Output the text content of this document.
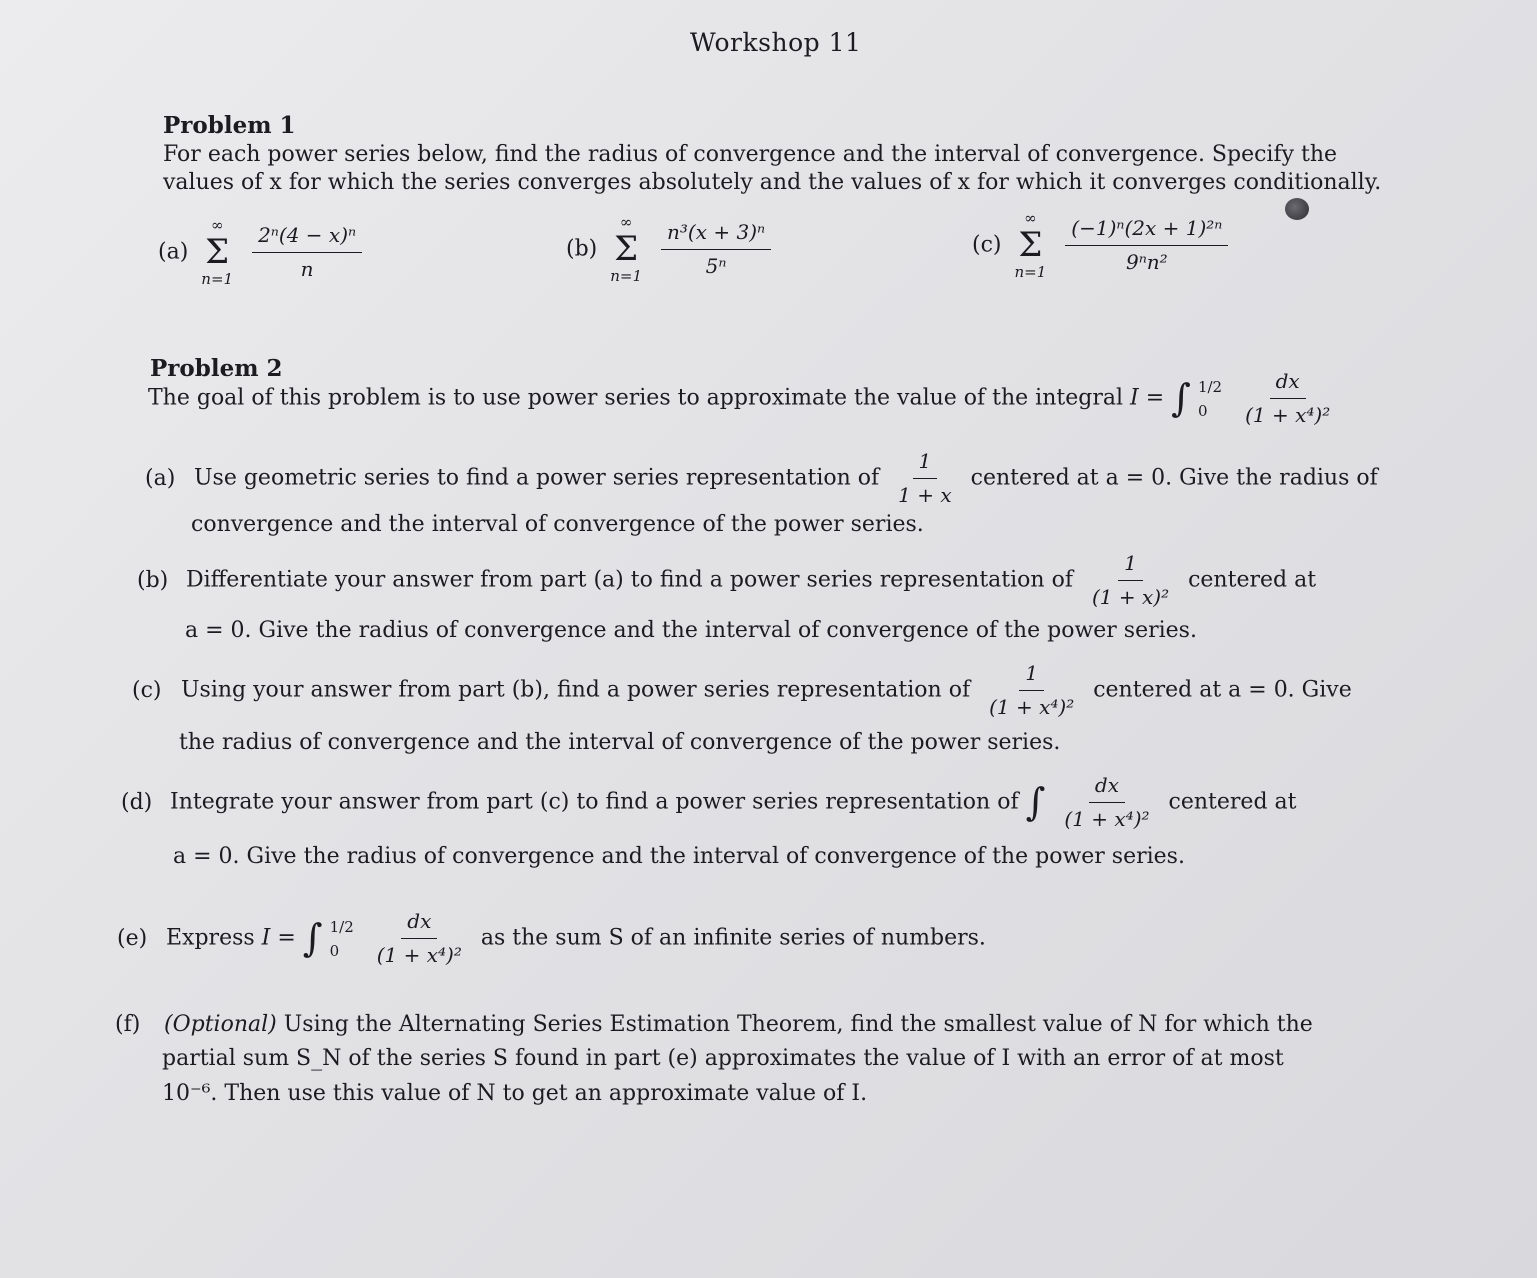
Workshop 11
Problem 1
For each power series below, find the radius of convergence and the interval of convergence. Specify the
values of x for which the series converges absolutely and the values of x for which it converges conditionally.
(a)
∞
Σ
n=1
$\frac{\text{2ⁿ(4 − x)ⁿ}}{n}$	(b)
∞
Σ
n=1
$\frac{\text{n³(x + 3)ⁿ}}{\text{5ⁿ}}$	(c)
∞
Σ
n=1
$\frac{\text{(−1)ⁿ(2x + 1)²ⁿ}}{\text{9ⁿn²}}$
Problem 2
The goal of this problem is to use power series to approximate the value of the integral I = ∫ 1/2
0
	$\frac{dx}{\text{(1 + x⁴)²}}$
(a) Use geometric series to find a power series representation of $\frac{1}{1 + x}$ centered at a = 0. Give the radius of
convergence and the interval of convergence of the power series.
(b) Differentiate your answer from part (a) to find a power series representation of $\frac{1}{\text{(1 + x)²}}$ centered at
a = 0. Give the radius of convergence and the interval of convergence of the power series.
(c) Using your answer from part (b), find a power series representation of $\frac{1}{\text{(1 + x⁴)²}}$ centered at a = 0. Give
the radius of convergence and the interval of convergence of the power series.
(d) Integrate your answer from part (c) to find a power series representation of ∫ $\frac{dx}{\text{(1 + x⁴)²}}$ centered at
a = 0. Give the radius of convergence and the interval of convergence of the power series.
(e) Express I = ∫ 1/2
0
	$\frac{dx}{\text{(1 + x⁴)²}}$ as the sum S of an infinite series of numbers.
(f) (Optional) Using the Alternating Series Estimation Theorem, find the smallest value of N for which the
partial sum S_N of the series S found in part (e) approximates the value of I with an error of at most
10⁻⁶. Then use this value of N to get an approximate value of I.
